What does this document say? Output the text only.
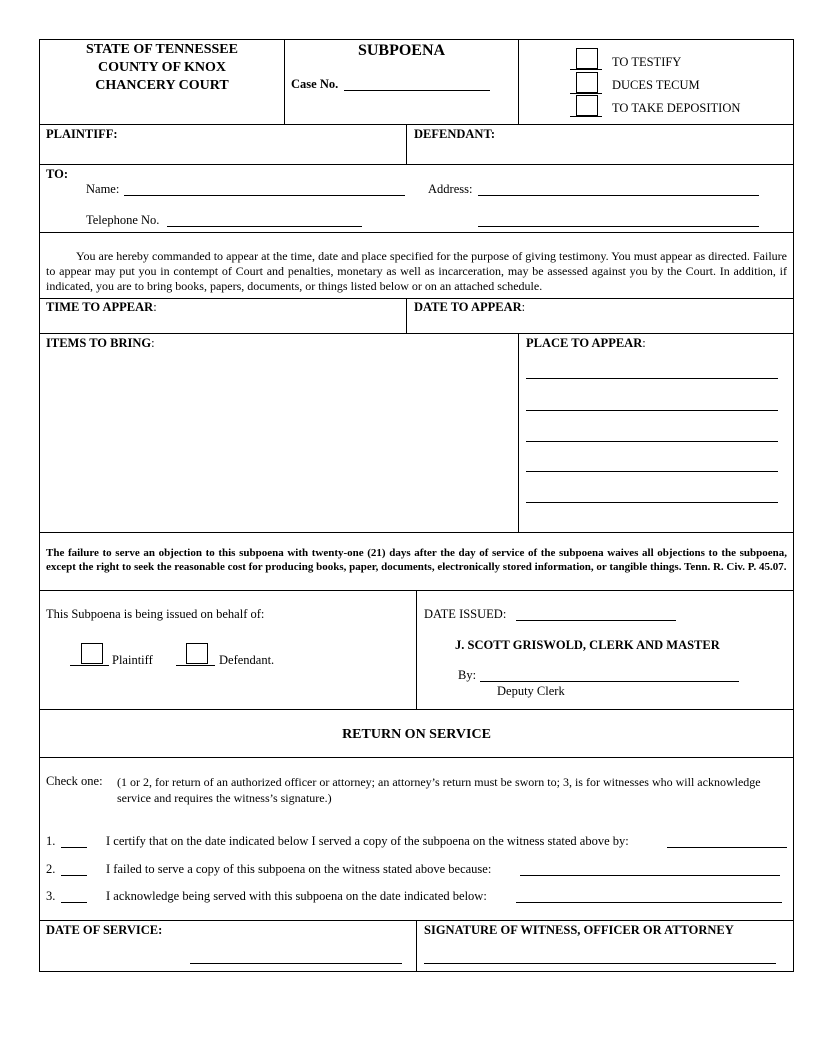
STATE OF TENNESSEE
COUNTY OF KNOX
CHANCERY COURT
SUBPOENA
Case No.
TO TESTIFY
DUCES TECUM
TO TAKE DEPOSITION
PLAINTIFF:	DEFENDANT:
TO:
Name:	Address:
Telephone No.
You are hereby commanded to appear at the time, date and place specified for the purpose of giving testimony. You must appear as directed. Failure to appear may put you in contempt of Court and penalties, monetary as well as incarceration, may be assessed against you by the Court. In addition, if indicated, you are to bring books, papers, documents, or things listed below or on an attached schedule.
TIME TO APPEAR:	DATE TO APPEAR:
ITEMS TO BRING:	PLACE TO APPEAR:
The failure to serve an objection to this subpoena with twenty-one (21) days after the day of service of the subpoena waives all objections to the subpoena, except the right to seek the reasonable cost for producing books, paper, documents, electronically stored information, or tangible things. Tenn. R. Civ. P. 45.07.
This Subpoena is being issued on behalf of:
Plaintiff	Defendant.
DATE ISSUED:
J. SCOTT GRISWOLD, CLERK AND MASTER
By:
Deputy Clerk
RETURN ON SERVICE
Check one: (1 or 2, for return of an authorized officer or attorney; an attorney’s return must be sworn to; 3, is for witnesses who will acknowledge service and requires the witness’s signature.)
1.	I certify that on the date indicated below I served a copy of the subpoena on the witness stated above by:
2.	I failed to serve a copy of this subpoena on the witness stated above because:
3.	I acknowledge being served with this subpoena on the date indicated below:
DATE OF SERVICE:	SIGNATURE OF WITNESS, OFFICER OR ATTORNEY
